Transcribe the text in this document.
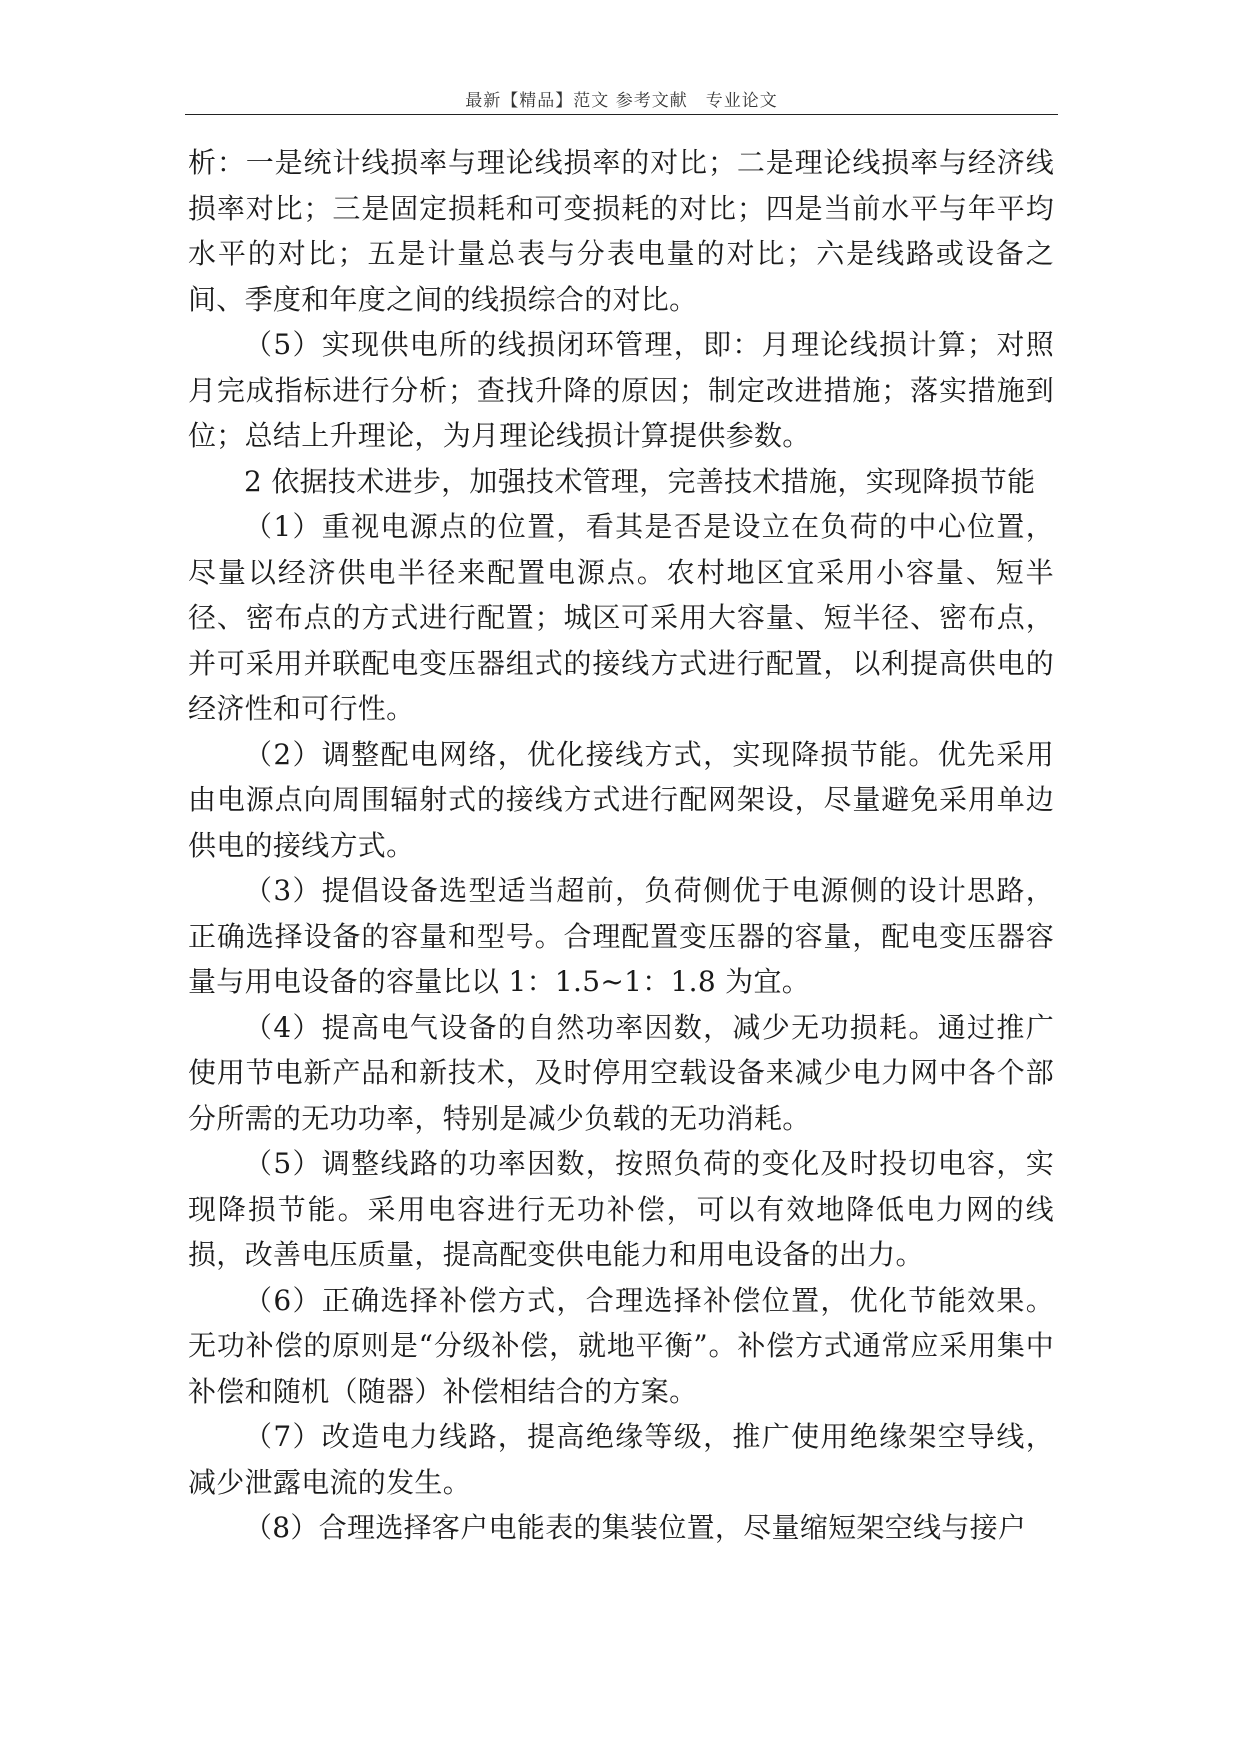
最新【精品】范文 参考文献　专业论文

析：一是统计线损率与理论线损率的对比；二是理论线损率与经济线损率对比；三是固定损耗和可变损耗的对比；四是当前水平与年平均水平的对比；五是计量总表与分表电量的对比；六是线路或设备之间、季度和年度之间的线损综合的对比。

（5）实现供电所的线损闭环管理，即：月理论线损计算；对照月完成指标进行分析；查找升降的原因；制定改进措施；落实措施到位；总结上升理论，为月理论线损计算提供参数。

2 依据技术进步，加强技术管理，完善技术措施，实现降损节能

（1）重视电源点的位置，看其是否是设立在负荷的中心位置，尽量以经济供电半径来配置电源点。农村地区宜采用小容量、短半径、密布点的方式进行配置；城区可采用大容量、短半径、密布点，并可采用并联配电变压器组式的接线方式进行配置，以利提高供电的经济性和可行性。

（2）调整配电网络，优化接线方式，实现降损节能。优先采用由电源点向周围辐射式的接线方式进行配网架设，尽量避免采用单边供电的接线方式。

（3）提倡设备选型适当超前，负荷侧优于电源侧的设计思路，正确选择设备的容量和型号。合理配置变压器的容量，配电变压器容量与用电设备的容量比以 1：1.5~1：1.8 为宜。

（4）提高电气设备的自然功率因数，减少无功损耗。通过推广使用节电新产品和新技术，及时停用空载设备来减少电力网中各个部分所需的无功功率，特别是减少负载的无功消耗。

（5）调整线路的功率因数，按照负荷的变化及时投切电容，实现降损节能。采用电容进行无功补偿，可以有效地降低电力网的线损，改善电压质量，提高配变供电能力和用电设备的出力。

（6）正确选择补偿方式，合理选择补偿位置，优化节能效果。无功补偿的原则是“分级补偿，就地平衡”。补偿方式通常应采用集中补偿和随机（随器）补偿相结合的方案。

（7）改造电力线路，提高绝缘等级，推广使用绝缘架空导线，减少泄露电流的发生。

（8）合理选择客户电能表的集装位置，尽量缩短架空线与接户
